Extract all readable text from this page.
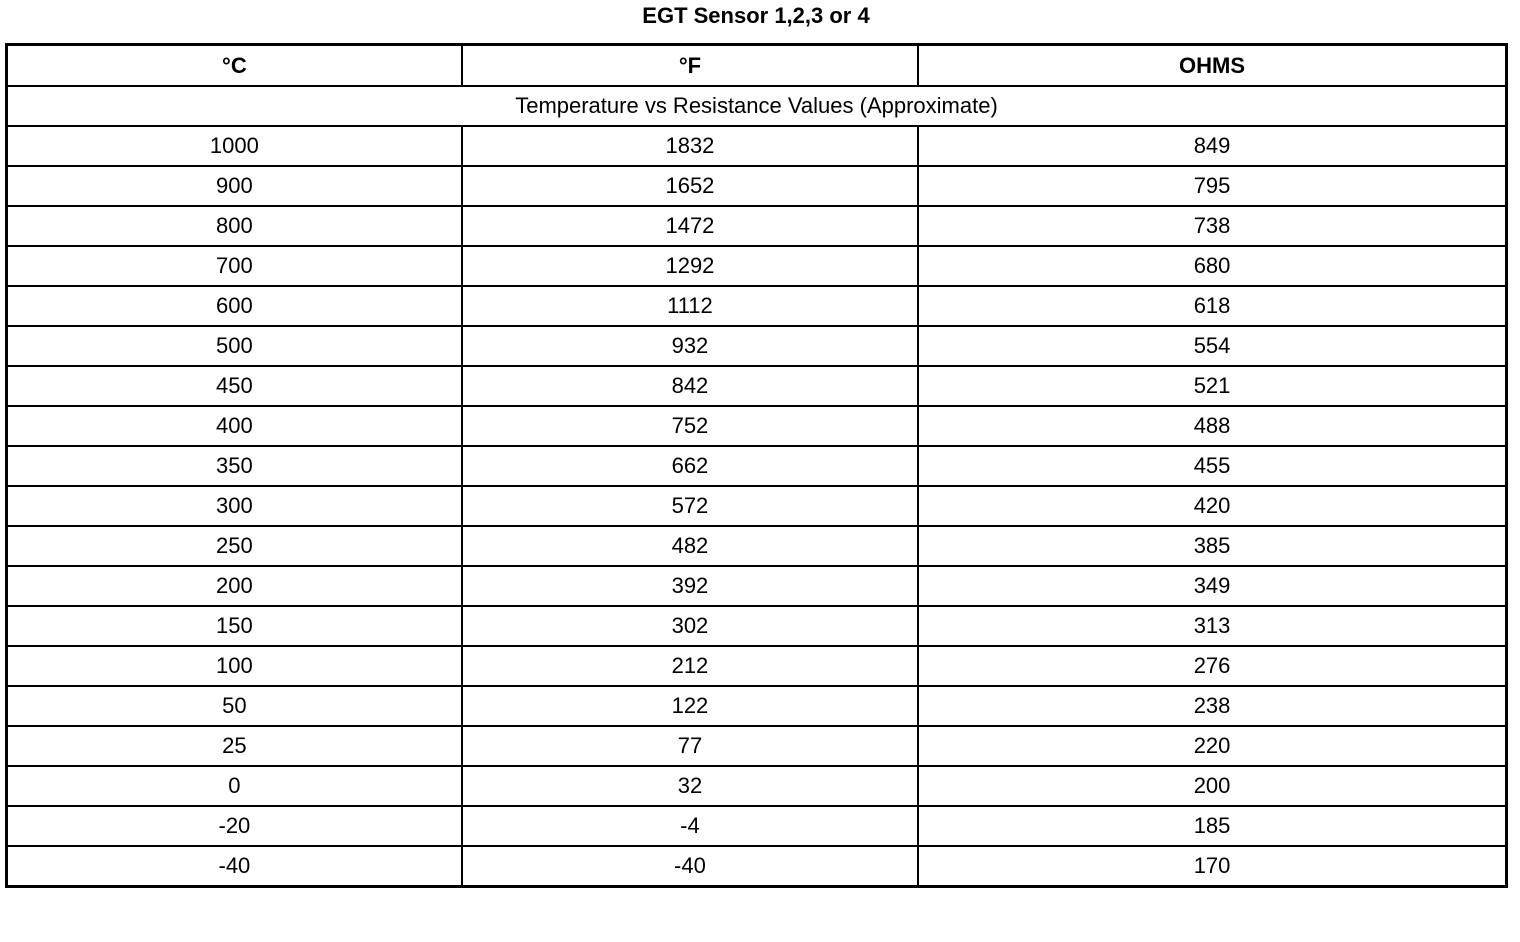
EGT Sensor 1,2,3 or 4
°C	°F	OHMS
Temperature vs Resistance Values (Approximate)		
1000	1832	849
900	1652	795
800	1472	738
700	1292	680
600	1112	618
500	932	554
450	842	521
400	752	488
350	662	455
300	572	420
250	482	385
200	392	349
150	302	313
100	212	276
50	122	238
25	77	220
0	32	200
-20	-4	185
-40	-40	170
